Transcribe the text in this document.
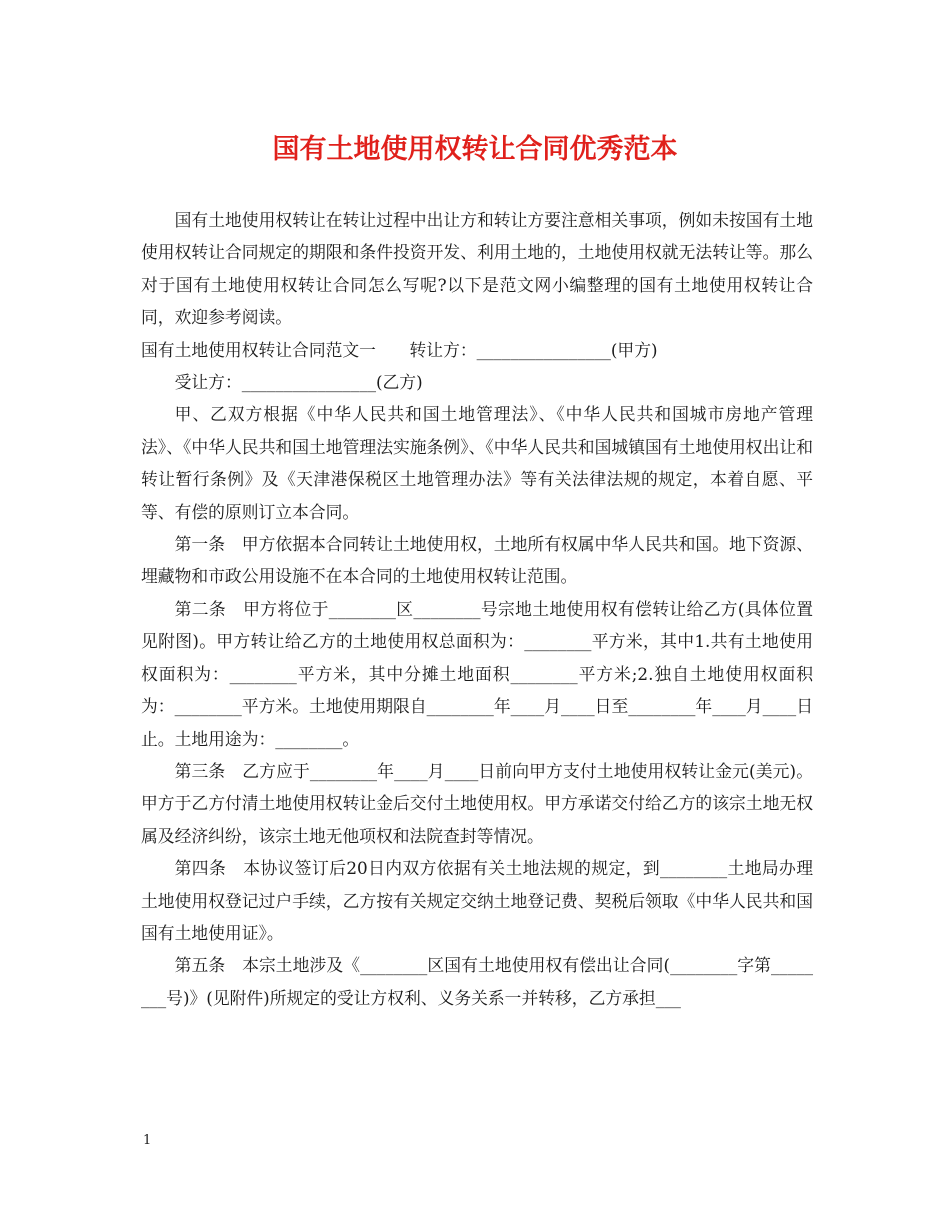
国有土地使用权转让合同优秀范本

国有土地使用权转让在转让过程中出让方和转让方要注意相关事项，例如未按国有土地使用权转让合同规定的期限和条件投资开发、利用土地的，土地使用权就无法转让等。那么对于国有土地使用权转让合同怎么写呢?以下是范文网小编整理的国有土地使用权转让合同，欢迎参考阅读。

国有土地使用权转让合同范文一　　转让方：________________(甲方)

受让方：________________(乙方)

甲、乙双方根据《中华人民共和国土地管理法》、《中华人民共和国城市房地产管理法》、《中华人民共和国土地管理法实施条例》、《中华人民共和国城镇国有土地使用权出让和转让暂行条例》及《天津港保税区土地管理办法》等有关法律法规的规定，本着自愿、平等、有偿的原则订立本合同。

第一条　甲方依据本合同转让土地使用权，土地所有权属中华人民共和国。地下资源、埋藏物和市政公用设施不在本合同的土地使用权转让范围。

第二条　甲方将位于________区________号宗地土地使用权有偿转让给乙方(具体位置见附图)。甲方转让给乙方的土地使用权总面积为：________平方米，其中1.共有土地使用权面积为：________平方米，其中分摊土地面积________平方米;2.独自土地使用权面积为：________平方米。土地使用期限自________年____月____日至________年____月____日止。土地用途为：________。

第三条　乙方应于________年____月____日前向甲方支付土地使用权转让金元(美元)。甲方于乙方付清土地使用权转让金后交付土地使用权。甲方承诺交付给乙方的该宗土地无权属及经济纠纷，该宗土地无他项权和法院查封等情况。

第四条　本协议签订后20日内双方依据有关土地法规的规定，到________土地局办理土地使用权登记过户手续，乙方按有关规定交纳土地登记费、契税后领取《中华人民共和国国有土地使用证》。

第五条　本宗土地涉及《________区国有土地使用权有偿出让合同(________字第________号)》(见附件)所规定的受让方权利、义务关系一并转移，乙方承担___

1
